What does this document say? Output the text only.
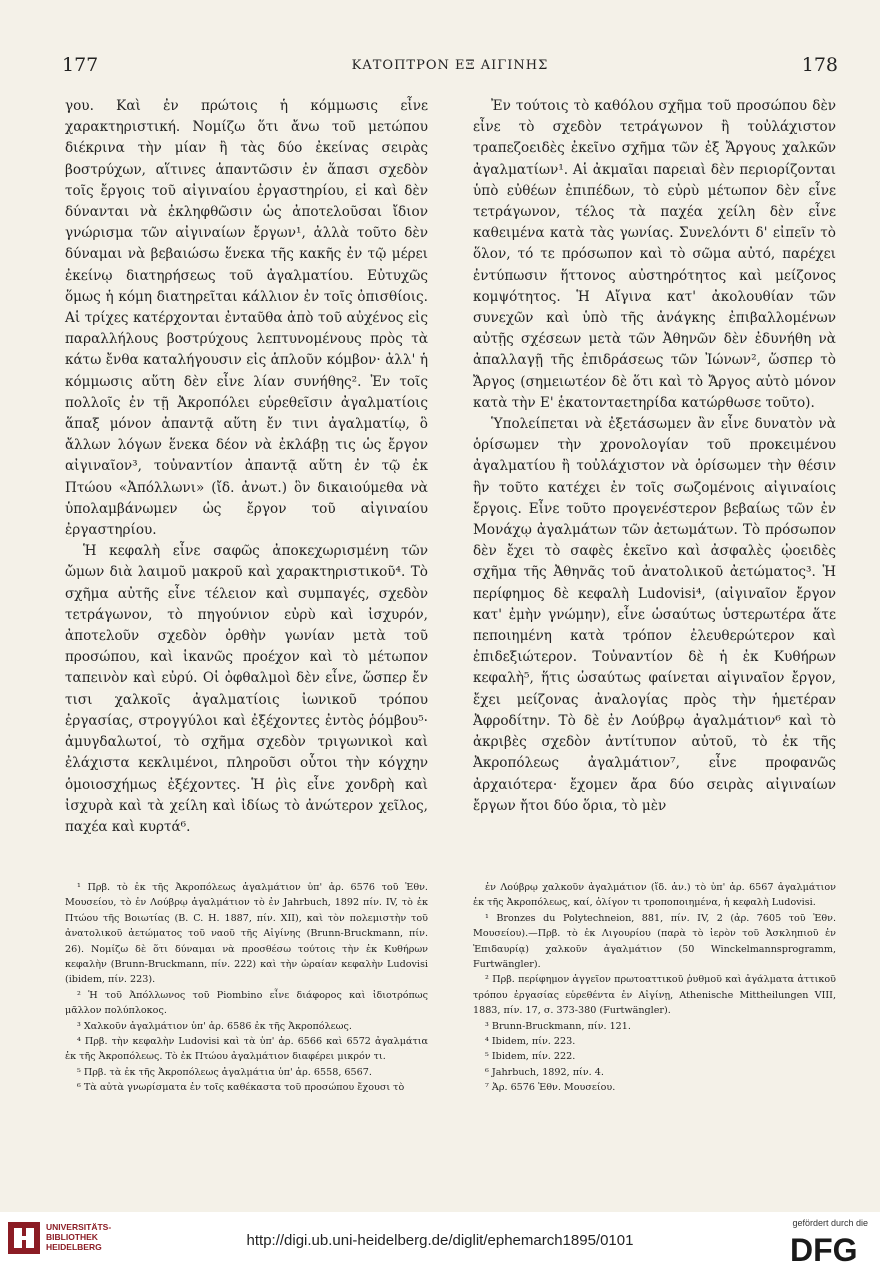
177	ΚΑΤΟΠΤΡΟΝ ΕΞ ΑΙΓΙΝΗΣ	178

γου. Καὶ ἐν πρώτοις ἡ κόμμωσις εἶνε χαρακτηριστική. Νομίζω ὅτι ἄνω τοῦ μετώπου διέκρινα τὴν μίαν ἢ τὰς δύο ἐκείνας σειρὰς βοστρύχων, αἵτινες ἁπαντῶσιν ἐν ἅπασι σχεδὸν τοῖς ἔργοις τοῦ αἰγιναίου ἐργαστηρίου, εἰ καὶ δὲν δύνανται νὰ ἐκληφθῶσιν ὡς ἀποτελοῦσαι ἴδιον γνώρισμα τῶν αἰγιναίων ἔργων¹, ἀλλὰ τοῦτο δὲν δύναμαι νὰ βεβαιώσω ἕνεκα τῆς κακῆς ἐν τῷ μέρει ἐκείνῳ διατηρήσεως τοῦ ἀγαλματίου. Εὐτυχῶς ὅμως ἡ κόμη διατηρεῖται κάλλιον ἐν τοῖς ὀπισθίοις. Αἱ τρίχες κατέρχονται ἐνταῦθα ἀπὸ τοῦ αὐχένος εἰς παραλλήλους βοστρύχους λεπτυνομένους πρὸς τὰ κάτω ἔνθα καταλήγουσιν εἰς ἁπλοῦν κόμβον· ἀλλ' ἡ κόμμωσις αὕτη δὲν εἶνε λίαν συνήθης². Ἐν τοῖς πολλοῖς ἐν τῇ Ἀκροπόλει εὑρεθεῖσιν ἀγαλματίοις ἅπαξ μόνον ἀπαντᾷ αὕτη ἔν τινι ἀγαλματίῳ, ὃ ἄλλων λόγων ἕνεκα δέον νὰ ἐκλάβῃ τις ὡς ἔργον αἰγιναῖον³, τοὐναντίον ἀπαντᾷ αὕτη ἐν τῷ ἐκ Πτώου «Ἀπόλλωνι» (ἴδ. ἀνωτ.) ὃν δικαιούμεθα νὰ ὑπολαμβάνωμεν ὡς ἔργον τοῦ αἰγιναίου ἐργαστηρίου.

Ἡ κεφαλὴ εἶνε σαφῶς ἀποκεχωρισμένη τῶν ὤμων διὰ λαιμοῦ μακροῦ καὶ χαρακτηριστικοῦ⁴. Τὸ σχῆμα αὐτῆς εἶνε τέλειον καὶ συμπαγές, σχεδὸν τετράγωνον, τὸ πηγούνιον εὐρὺ καὶ ἰσχυρόν, ἀποτελοῦν σχεδὸν ὀρθὴν γωνίαν μετὰ τοῦ προσώπου, καὶ ἱκανῶς προέχον καὶ τὸ μέτωπον ταπεινὸν καὶ εὐρύ. Οἱ ὀφθαλμοὶ δὲν εἶνε, ὥσπερ ἔν τισι χαλκοῖς ἀγαλματίοις ἰωνικοῦ τρόπου ἐργασίας, στρογγύλοι καὶ ἐξέχοντες ἐντὸς ῥόμβου⁵· ἀμυγδαλωτοί, τὸ σχῆμα σχεδὸν τριγωνικοὶ καὶ ἐλάχιστα κεκλιμένοι, πληροῦσι οὗτοι τὴν κόγχην ὁμοιοσχήμως ἐξέχοντες. Ἡ ῥὶς εἶνε χονδρὴ καὶ ἰσχυρὰ καὶ τὰ χείλη καὶ ἰδίως τὸ ἀνώτερον χεῖλος, παχέα καὶ κυρτά⁶.

Ἐν τούτοις τὸ καθόλου σχῆμα τοῦ προσώπου δὲν εἶνε τὸ σχεδὸν τετράγωνον ἢ τοὐλάχιστον τραπεζοειδὲς ἐκεῖνο σχῆμα τῶν ἐξ Ἄργους χαλκῶν ἀγαλματίων¹. Αἱ ἀκμαῖαι παρειαὶ δὲν περιορίζονται ὑπὸ εὐθέων ἐπιπέδων, τὸ εὐρὺ μέτωπον δὲν εἶνε τετράγωνον, τέλος τὰ παχέα χείλη δὲν εἶνε καθειμένα κατὰ τὰς γωνίας. Συνελόντι δ' εἰπεῖν τὸ ὅλον, τό τε πρόσωπον καὶ τὸ σῶμα αὐτό, παρέχει ἐντύπωσιν ἥττονος αὐστηρότητος καὶ μείζονος κομψότητος. Ἡ Αἴγινα κατ' ἀκολουθίαν τῶν συνεχῶν καὶ ὑπὸ τῆς ἀνάγκης ἐπιβαλλομένων αὐτῇς σχέσεων μετὰ τῶν Ἀθηνῶν δὲν ἐδυνήθη νὰ ἀπαλλαγῇ τῆς ἐπιδράσεως τῶν Ἰώνων², ὥσπερ τὸ Ἄργος (σημειωτέον δὲ ὅτι καὶ τὸ Ἄργος αὐτὸ μόνον κατὰ τὴν Ε' ἑκατονταετηρίδα κατώρθωσε τοῦτο).

Ὑπολείπεται νὰ ἐξετάσωμεν ἂν εἶνε δυνατὸν νὰ ὁρίσωμεν τὴν χρονολογίαν τοῦ προκειμένου ἀγαλματίου ἢ τοὐλάχιστον νὰ ὁρίσωμεν τὴν θέσιν ἣν τοῦτο κατέχει ἐν τοῖς σωζομένοις αἰγιναίοις ἔργοις. Εἶνε τοῦτο προγενέστερον βεβαίως τῶν ἐν Μονάχῳ ἀγαλμάτων τῶν ἀετωμάτων. Τὸ πρόσωπον δὲν ἔχει τὸ σαφὲς ἐκεῖνο καὶ ἀσφαλὲς ᾠοειδὲς σχῆμα τῆς Ἀθηνᾶς τοῦ ἀνατολικοῦ ἀετώματος³. Ἡ περίφημος δὲ κεφαλὴ Ludovisi⁴, (αἰγιναῖον ἔργον κατ' ἐμὴν γνώμην), εἶνε ὡσαύτως ὑστερωτέρα ἅτε πεποιημένη κατὰ τρόπον ἐλευθερώτερον καὶ ἐπιδεξιώτερον. Τοὐναντίον δὲ ἡ ἐκ Κυθήρων κεφαλὴ⁵, ἥτις ὡσαύτως φαίνεται αἰγιναῖον ἔργον, ἔχει μείζονας ἀναλογίας πρὸς τὴν ἡμετέραν Ἀφροδίτην. Τὸ δὲ ἐν Λούβρῳ ἀγαλμάτιον⁶ καὶ τὸ ἀκριβὲς σχεδὸν ἀντίτυπον αὐτοῦ, τὸ ἐκ τῆς Ἀκροπόλεως ἀγαλμάτιον⁷, εἶνε προφανῶς ἀρχαιότερα· ἔχομεν ἄρα δύο σειρὰς αἰγιναίων ἔργων ἤτοι δύο ὅρια, τὸ μὲν

¹ Πρβ. τὸ ἐκ τῆς Ἀκροπόλεως ἀγαλμάτιον ὑπ' ἀρ. 6576 τοῦ Ἐθν. Μουσείου, τὸ ἐν Λούβρῳ ἀγαλμάτιον τὸ ἐν Jahrbuch, 1892 πίν. IV, τὸ ἐκ Πτώου τῆς Βοιωτίας (B. C. H. 1887, πίν. XII), καὶ τὸν πολεμιστὴν τοῦ ἀνατολικοῦ ἀετώματος τοῦ ναοῦ τῆς Αἰγίνης (Brunn-Bruckmann, πίν. 26). Νομίζω δὲ ὅτι δύναμαι νὰ προσθέσω τούτοις τὴν ἐκ Κυθήρων κεφαλὴν (Brunn-Bruckmann, πίν. 222) καὶ τὴν ὡραίαν κεφαλὴν Ludovisi (ibidem, πίν. 223).

² Ἡ τοῦ Ἀπόλλωνος τοῦ Piombino εἶνε διάφορος καὶ ἰδιοτρόπως μᾶλλον πολύπλοκος.

³ Χαλκοῦν ἀγαλμάτιον ὑπ' ἀρ. 6586 ἐκ τῆς Ἀκροπόλεως.

⁴ Πρβ. τὴν κεφαλὴν Ludovisi καὶ τὰ ὑπ' ἀρ. 6566 καὶ 6572 ἀγαλμάτια ἐκ τῆς Ἀκροπόλεως. Τὸ ἐκ Πτώου ἀγαλμάτιον διαφέρει μικρόν τι.

⁵ Πρβ. τὰ ἐκ τῆς Ἀκροπόλεως ἀγαλμάτια ὑπ' ἀρ. 6558, 6567.

⁶ Τὰ αὐτὰ γνωρίσματα ἐν τοῖς καθέκαστα τοῦ προσώπου ἔχουσι τὸ

ἐν Λούβρῳ χαλκοῦν ἀγαλμάτιον (ἴδ. ἀν.) τὸ ὑπ' ἀρ. 6567 ἀγαλμάτιον ἐκ τῆς Ἀκροπόλεως, καί, ὀλίγον τι τροποποιημένα, ἡ κεφαλὴ Ludovisi.

¹ Bronzes du Polytechneion, 881, πίν. IV, 2 (ἀρ. 7605 τοῦ Ἐθν. Μουσείου).—Πρβ. τὸ ἐκ Λιγουρίου (παρὰ τὸ ἱερὸν τοῦ Ἀσκληπιοῦ ἐν Ἐπιδαυρίᾳ) χαλκοῦν ἀγαλμάτιον (50 Winckelmannsprogramm, Furtwängler).

² Πρβ. περίφημον ἀγγεῖον πρωτοαττικοῦ ῥυθμοῦ καὶ ἀγάλματα ἀττικοῦ τρόπου ἐργασίας εὑρεθέντα ἐν Αἰγίνῃ, Athenische Mittheilungen VIII, 1883, πίν. 17, σ. 373-380 (Furtwängler).

³ Brunn-Bruckmann, πίν. 121.

⁴ Ibidem, πίν. 223.

⁵ Ibidem, πίν. 222.

⁶ Jahrbuch, 1892, πίν. 4.

⁷ Ἀρ. 6576 Ἐθν. Μουσείου.

UNIVERSITÄTS-
BIBLIOTHEK
HEIDELBERG	http://digi.ub.uni-heidelberg.de/diglit/ephemarch1895/0101
gefördert durch die
DFG
